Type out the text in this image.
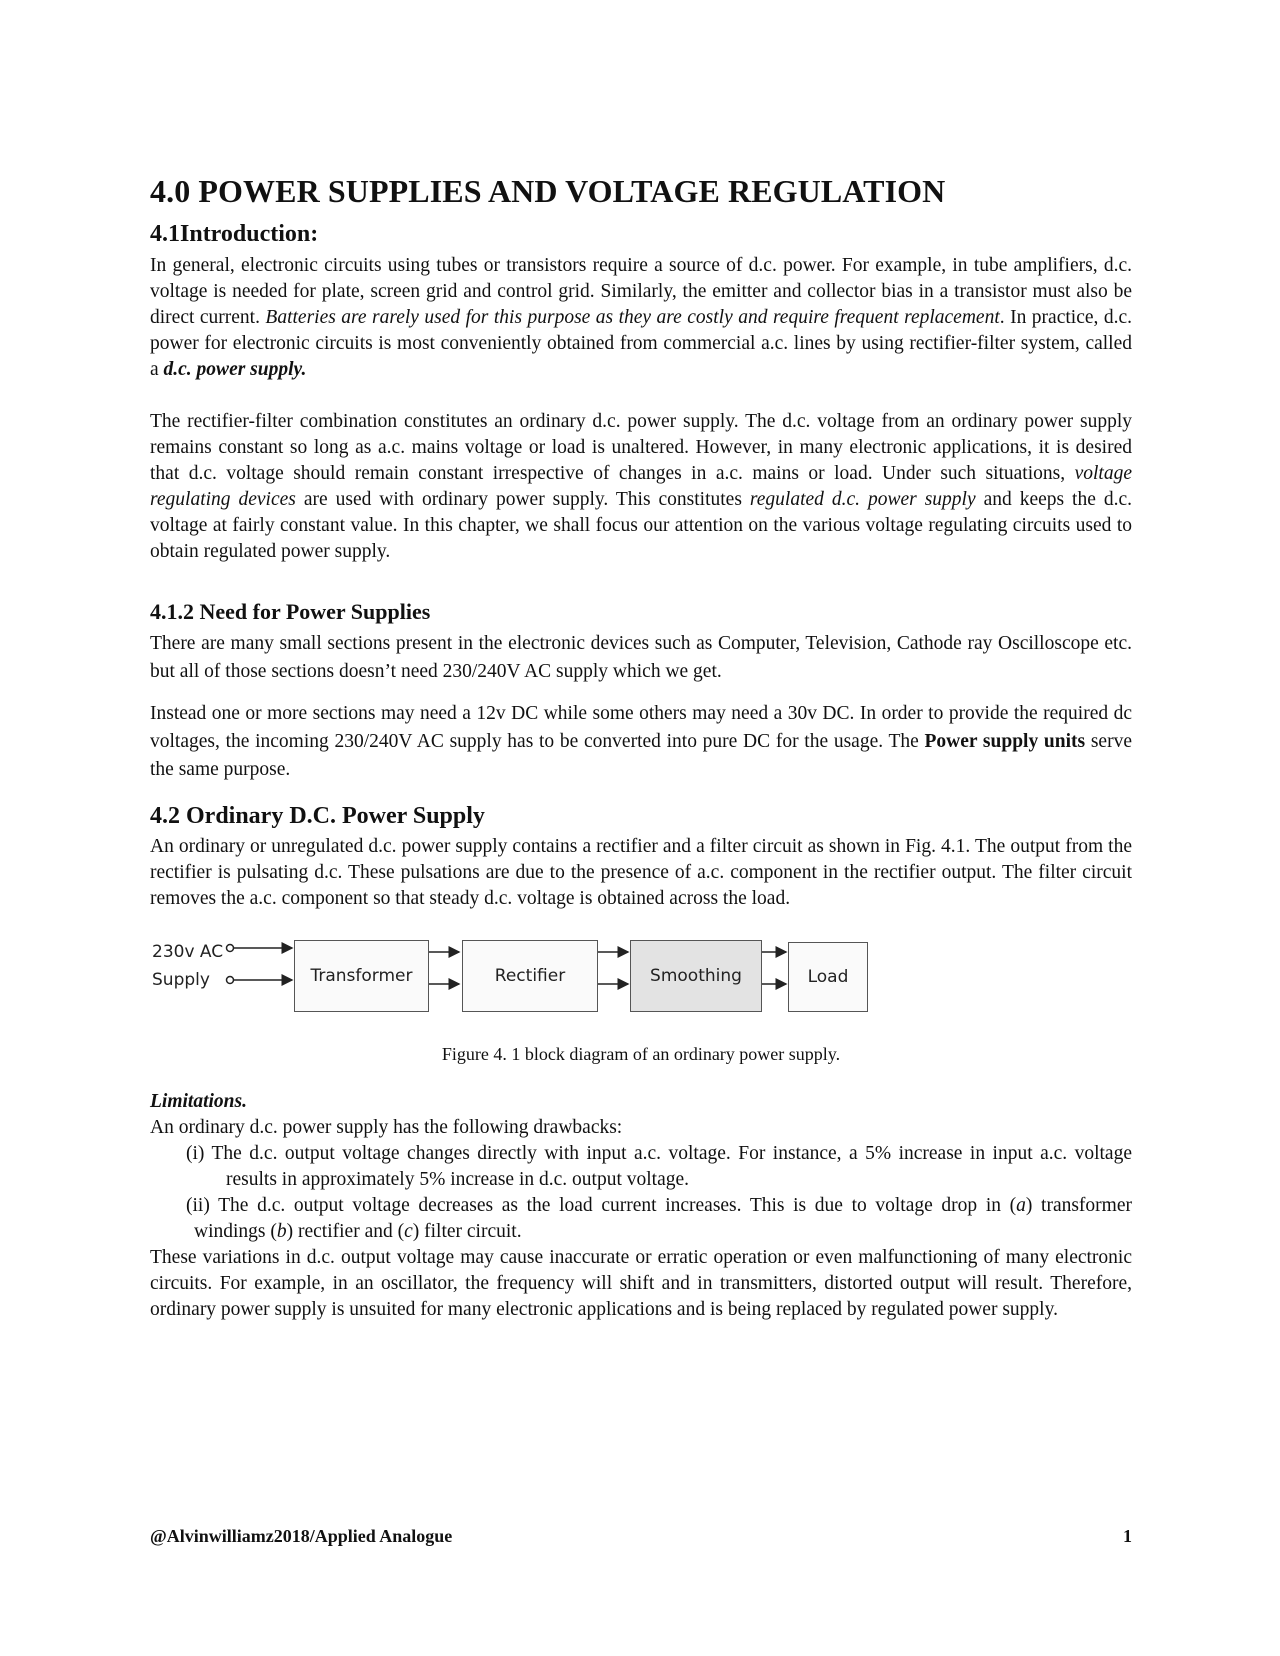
4.0 POWER SUPPLIES AND VOLTAGE REGULATION
4.1Introduction:

In general, electronic circuits using tubes or transistors require a source of d.c. power. For example, in tube amplifiers, d.c. voltage is needed for plate, screen grid and control grid. Similarly, the emitter and collector bias in a transistor must also be direct current. Batteries are rarely used for this purpose as they are costly and require frequent replacement. In practice, d.c. power for electronic circuits is most conveniently obtained from commercial a.c. lines by using rectifier-filter system, called a d.c. power supply.

The rectifier-filter combination constitutes an ordinary d.c. power supply. The d.c. voltage from an ordinary power supply remains constant so long as a.c. mains voltage or load is unaltered. However, in many electronic applications, it is desired that d.c. voltage should remain constant irrespective of changes in a.c. mains or load. Under such situations, voltage regulating devices are used with ordinary power supply. This constitutes regulated d.c. power supply and keeps the d.c. voltage at fairly constant value. In this chapter, we shall focus our attention on the various voltage regulating circuits used to obtain regulated power supply.

4.1.2 Need for Power Supplies

There are many small sections present in the electronic devices such as Computer, Television, Cathode ray Oscilloscope etc. but all of those sections doesn’t need 230/240V AC supply which we get.

Instead one or more sections may need a 12v DC while some others may need a 30v DC. In order to provide the required dc voltages, the incoming 230/240V AC supply has to be converted into pure DC for the usage. The Power supply units serve the same purpose.

4.2 Ordinary D.C. Power Supply

An ordinary or unregulated d.c. power supply contains a rectifier and a filter circuit as shown in Fig. 4.1. The output from the rectifier is pulsating d.c. These pulsations are due to the presence of a.c. component in the rectifier output. The filter circuit removes the a.c. component so that steady d.c. voltage is obtained across the load.

230v AC
Supply	Transformer	Rectifier	Smoothing	Load
Figure 4. 1 block diagram of an ordinary power supply.
Limitations.

An ordinary d.c. power supply has the following drawbacks:

(i) The d.c. output voltage changes directly with input a.c. voltage. For instance, a 5% increase in input a.c. voltage results in approximately 5% increase in d.c. output voltage.
(ii) The d.c. output voltage decreases as the load current increases. This is due to voltage drop in (a) transformer windings (b) rectifier and (c) filter circuit.

These variations in d.c. output voltage may cause inaccurate or erratic operation or even malfunctioning of many electronic circuits. For example, in an oscillator, the frequency will shift and in transmitters, distorted output will result. Therefore, ordinary power supply is unsuited for many electronic applications and is being replaced by regulated power supply.

@Alvinwilliamz2018/Applied Analogue	1
